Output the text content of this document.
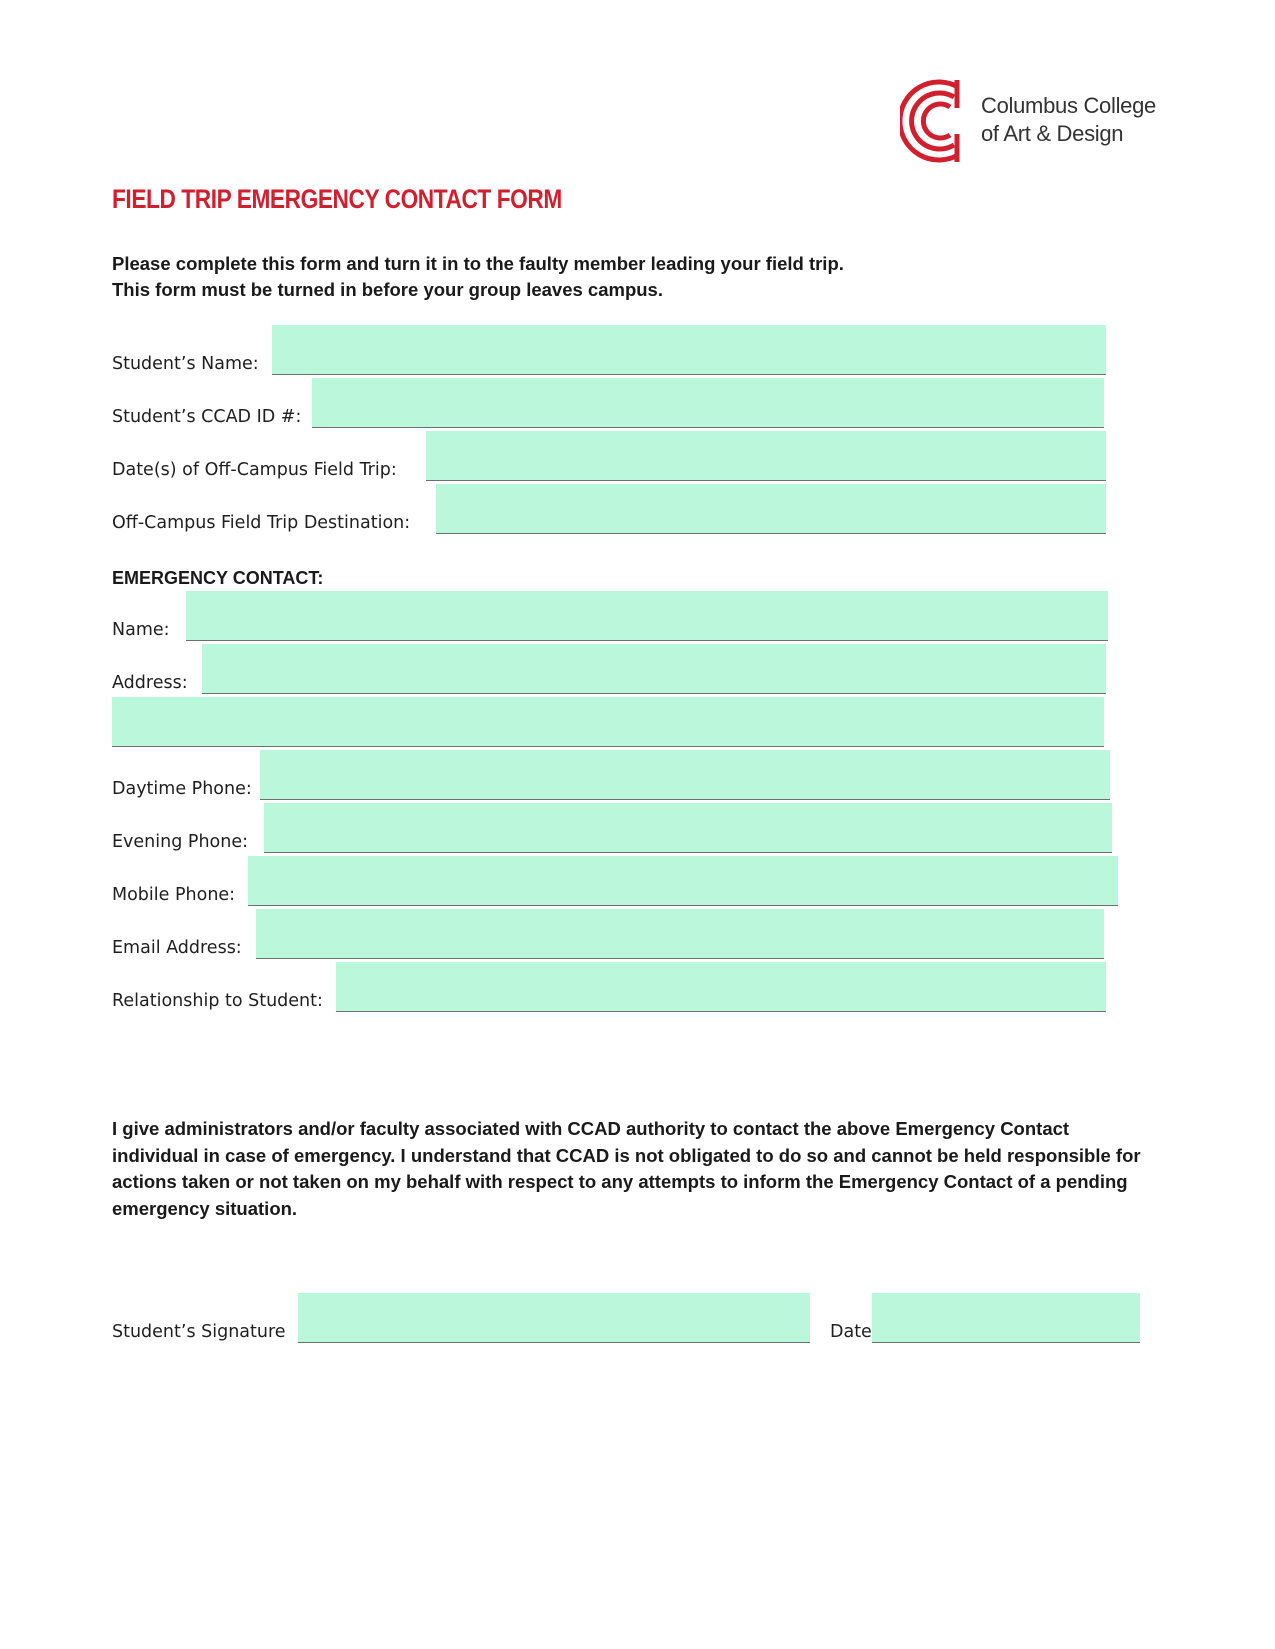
Columbus College
of Art & Design
FIELD TRIP EMERGENCY CONTACT FORM
Please complete this form and turn it in to the faulty member leading your field trip.
This form must be turned in before your group leaves campus.
Student’s Name:
Student’s CCAD ID #:
Date(s) of Off-Campus Field Trip:
Off-Campus Field Trip Destination:
EMERGENCY CONTACT:
Name:
Address:
Daytime Phone:
Evening Phone:
Mobile Phone:
Email Address:
Relationship to Student:

I give administrators and/or faculty associated with CCAD authority to contact the above Emergency Contact individual in case of emergency. I understand that CCAD is not obligated to do so and cannot be held responsible for actions taken or not taken on my behalf with respect to any attempts to inform the Emergency Contact of a pending emergency situation.

Student’s Signature	Date
